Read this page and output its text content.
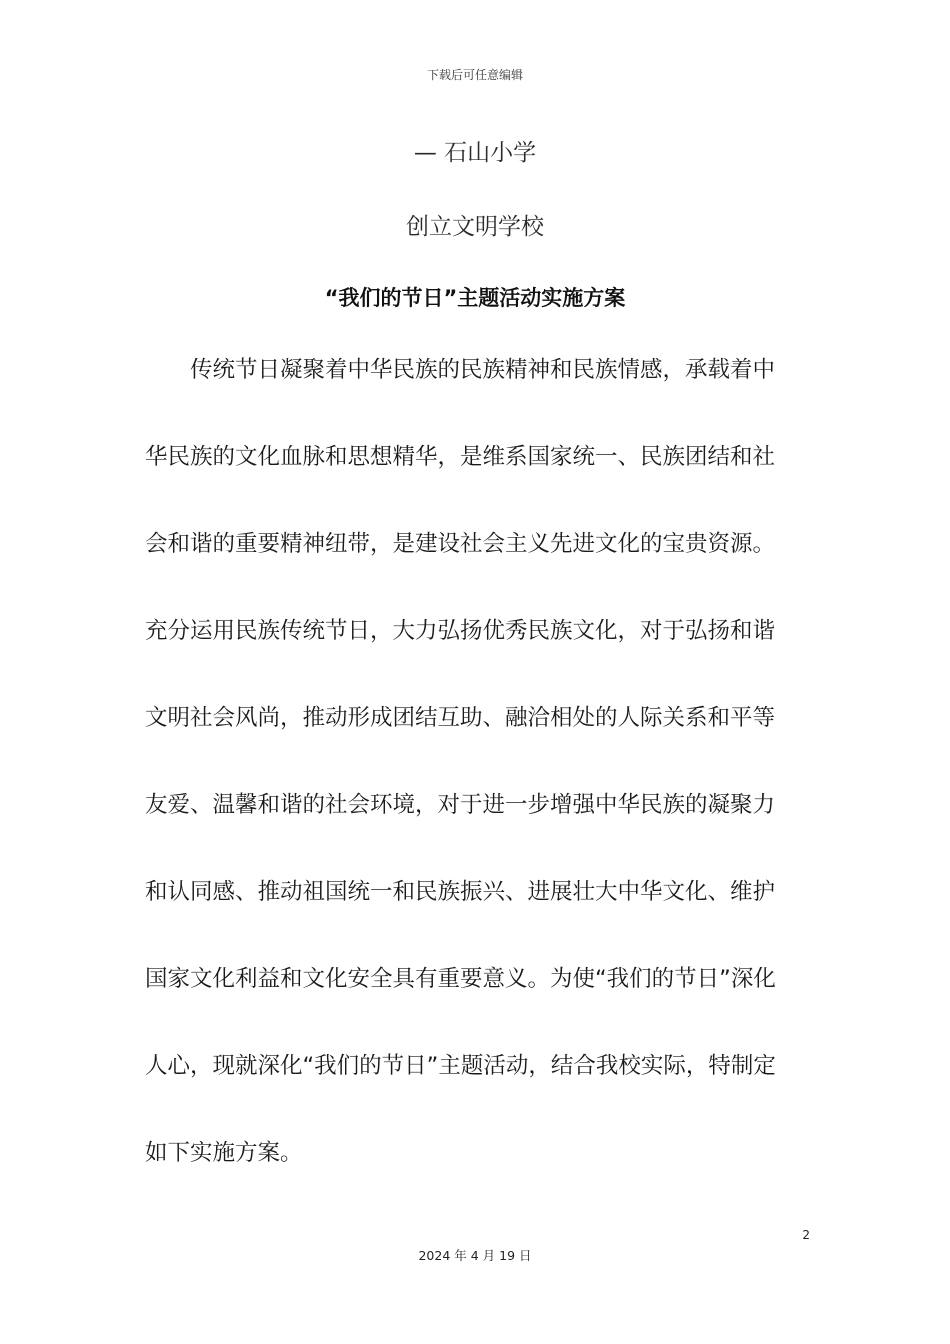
下载后可任意编辑
— 石山小学
创立文明学校
“我们的节日”主题活动实施方案
　　传统节日凝聚着中华民族的民族精神和民族情感，承载着中
华民族的文化血脉和思想精华，是维系国家统一、民族团结和社
会和谐的重要精神纽带，是建设社会主义先进文化的宝贵资源。
充分运用民族传统节日，大力弘扬优秀民族文化，对于弘扬和谐
文明社会风尚，推动形成团结互助、融洽相处的人际关系和平等
友爱、温馨和谐的社会环境，对于进一步增强中华民族的凝聚力
和认同感、推动祖国统一和民族振兴、进展壮大中华文化、维护
国家文化利益和文化安全具有重要意义。为使“我们的节日”深化
人心，现就深化“我们的节日”主题活动，结合我校实际，特制定
如下实施方案。
2
2024 年 4 月 19 日
